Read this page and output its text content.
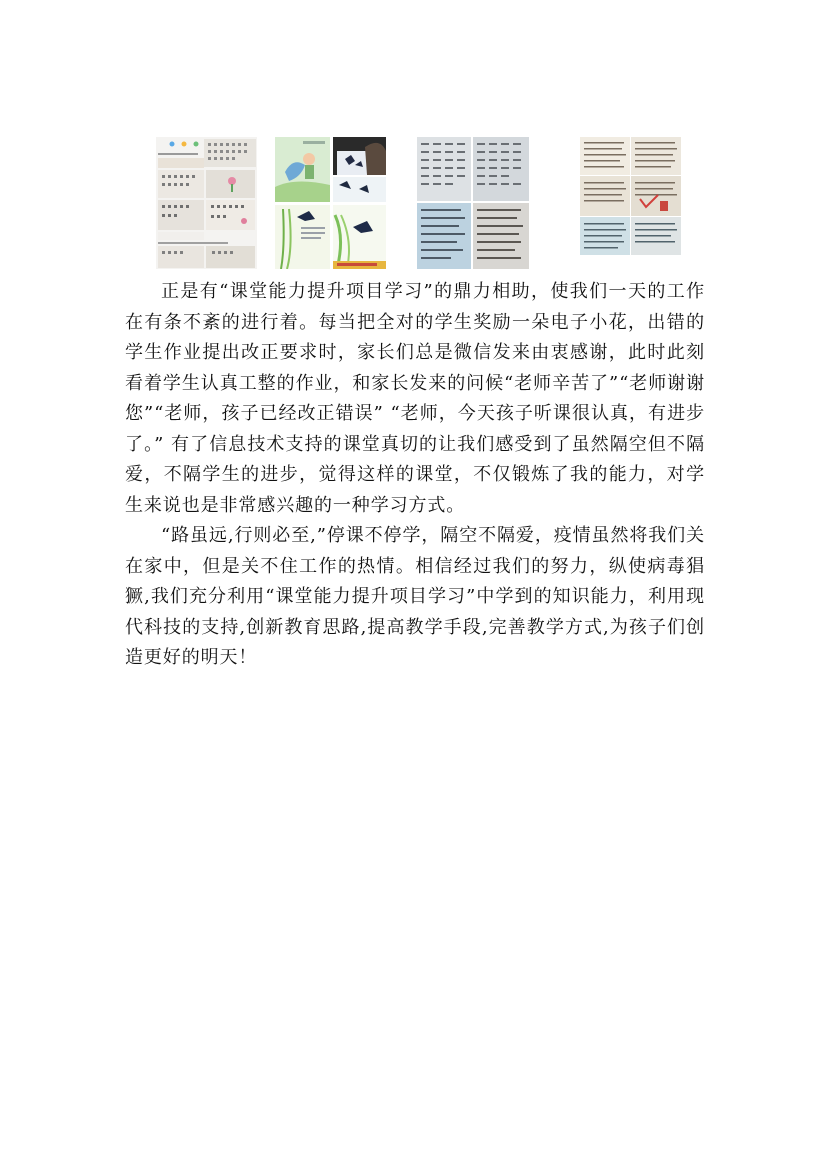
正是有“课堂能力提升项目学习”的鼎力相助，使我们一天的工作在有条不紊的进行着。每当把全对的学生奖励一朵电子小花，出错的学生作业提出改正要求时，家长们总是微信发来由衷感谢，此时此刻看着学生认真工整的作业，和家长发来的问候“老师辛苦了”“老师谢谢您”“老师，孩子已经改正错误” “老师，今天孩子听课很认真，有进步了。” 有了信息技术支持的课堂真切的让我们感受到了虽然隔空但不隔爱，不隔学生的进步，觉得这样的课堂，不仅锻炼了我的能力，对学生来说也是非常感兴趣的一种学习方式。

“路虽远,行则必至,”停课不停学，隔空不隔爱，疫情虽然将我们关在家中，但是关不住工作的热情。相信经过我们的努力，纵使病毒猖獗,我们充分利用“课堂能力提升项目学习”中学到的知识能力，利用现代科技的支持,创新教育思路,提高教学手段,完善教学方式,为孩子们创造更好的明天！
